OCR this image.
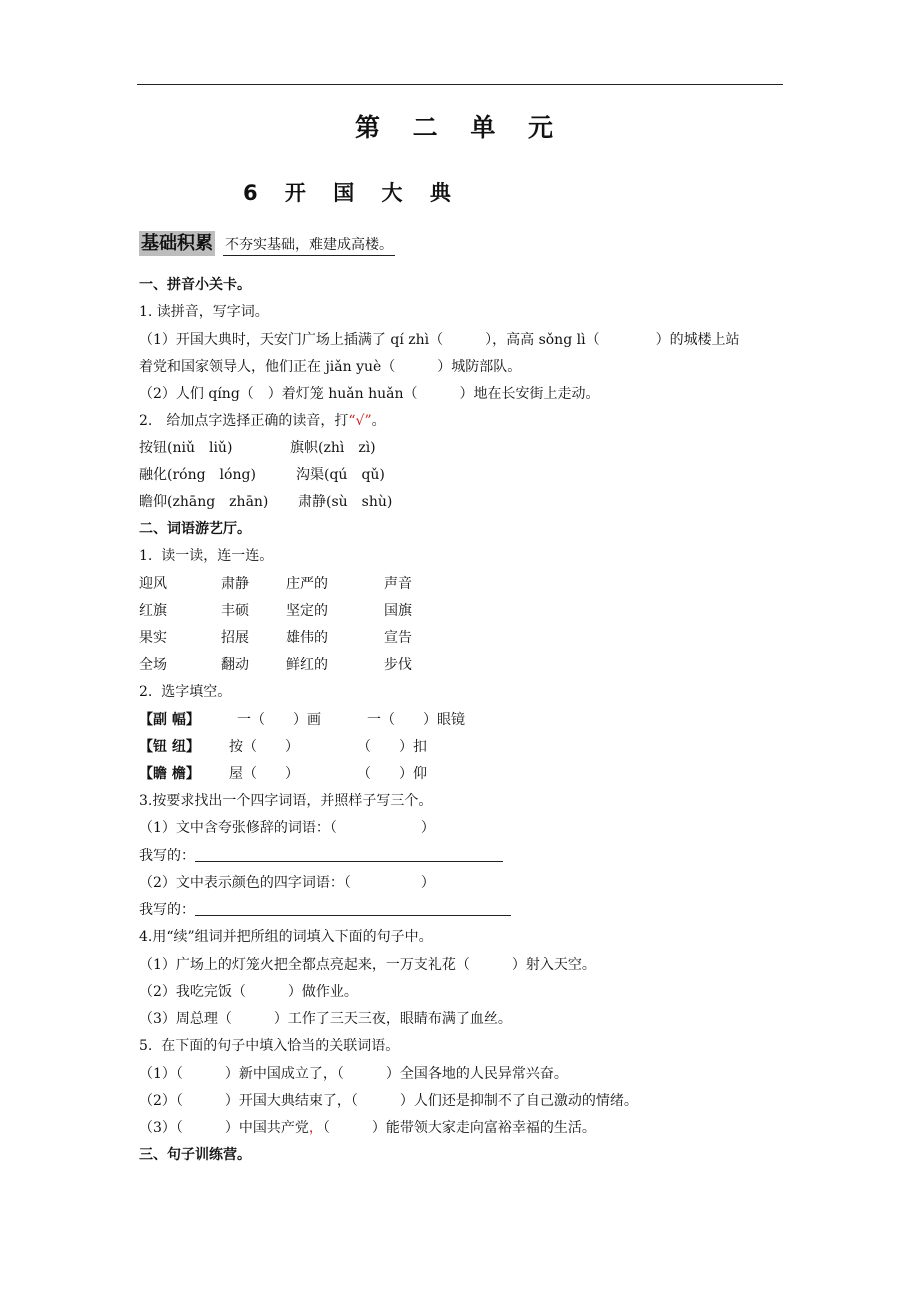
第 二 单 元
6 开 国 大 典
基础积累 不夯实基础，难建成高楼。
一、拼音小关卡。
1. 读拼音，写字词。
（1）开国大典时，天安门广场上插满了 qí zhì（　　　），高高 sǒng lì（　　　　）的城楼上站
着党和国家领导人，他们正在 jiǎn yuè（　　　）城防部队。
（2）人们 qíng（　）着灯笼 huǎn huǎn（　　　）地在长安街上走动。
2.　给加点字选择正确的读音，打“√”。
按钮(niǔ　liǔ)	旗帜(zhì　zì)
融化(róng　lóng)	沟渠(qú　qǔ)
瞻仰(zhāng　zhān) 肃静(sù　shù)
二、词语游艺厅。
1.  读一读，连一连。
迎风	肃静	庄严的	声音
红旗	丰硕	坚定的	国旗
果实	招展	雄伟的	宣告
全场	翻动	鲜红的	步伐
2.  选字填空。
【副 幅】	一（　　）画	一（　　）眼镜
【钮 纽】 按（　　）	（　　）扣
【瞻 檐】 屋（　　）	（　　）仰
3.按要求找出一个四字词语，并照样子写三个。
（1）文中含夸张修辞的词语：（　　　　　　）
我写的：
（2）文中表示颜色的四字词语：（　　　　　）
我写的：
4.用“续”组词并把所组的词填入下面的句子中。
（1）广场上的灯笼火把全都点亮起来，一万支礼花（　　　）射入天空。
（2）我吃完饭（　　　）做作业。
（3）周总理（　　　）工作了三天三夜，眼睛布满了血丝。
5.  在下面的句子中填入恰当的关联词语。
（1）（　　　）新中国成立了，（　　　）全国各地的人民异常兴奋。
（2）（　　　）开国大典结束了，（　　　）人们还是抑制不了自己激动的情绪。
（3）（　　　）中国共产党，（　　　）能带领大家走向富裕幸福的生活。
三、句子训练营。
